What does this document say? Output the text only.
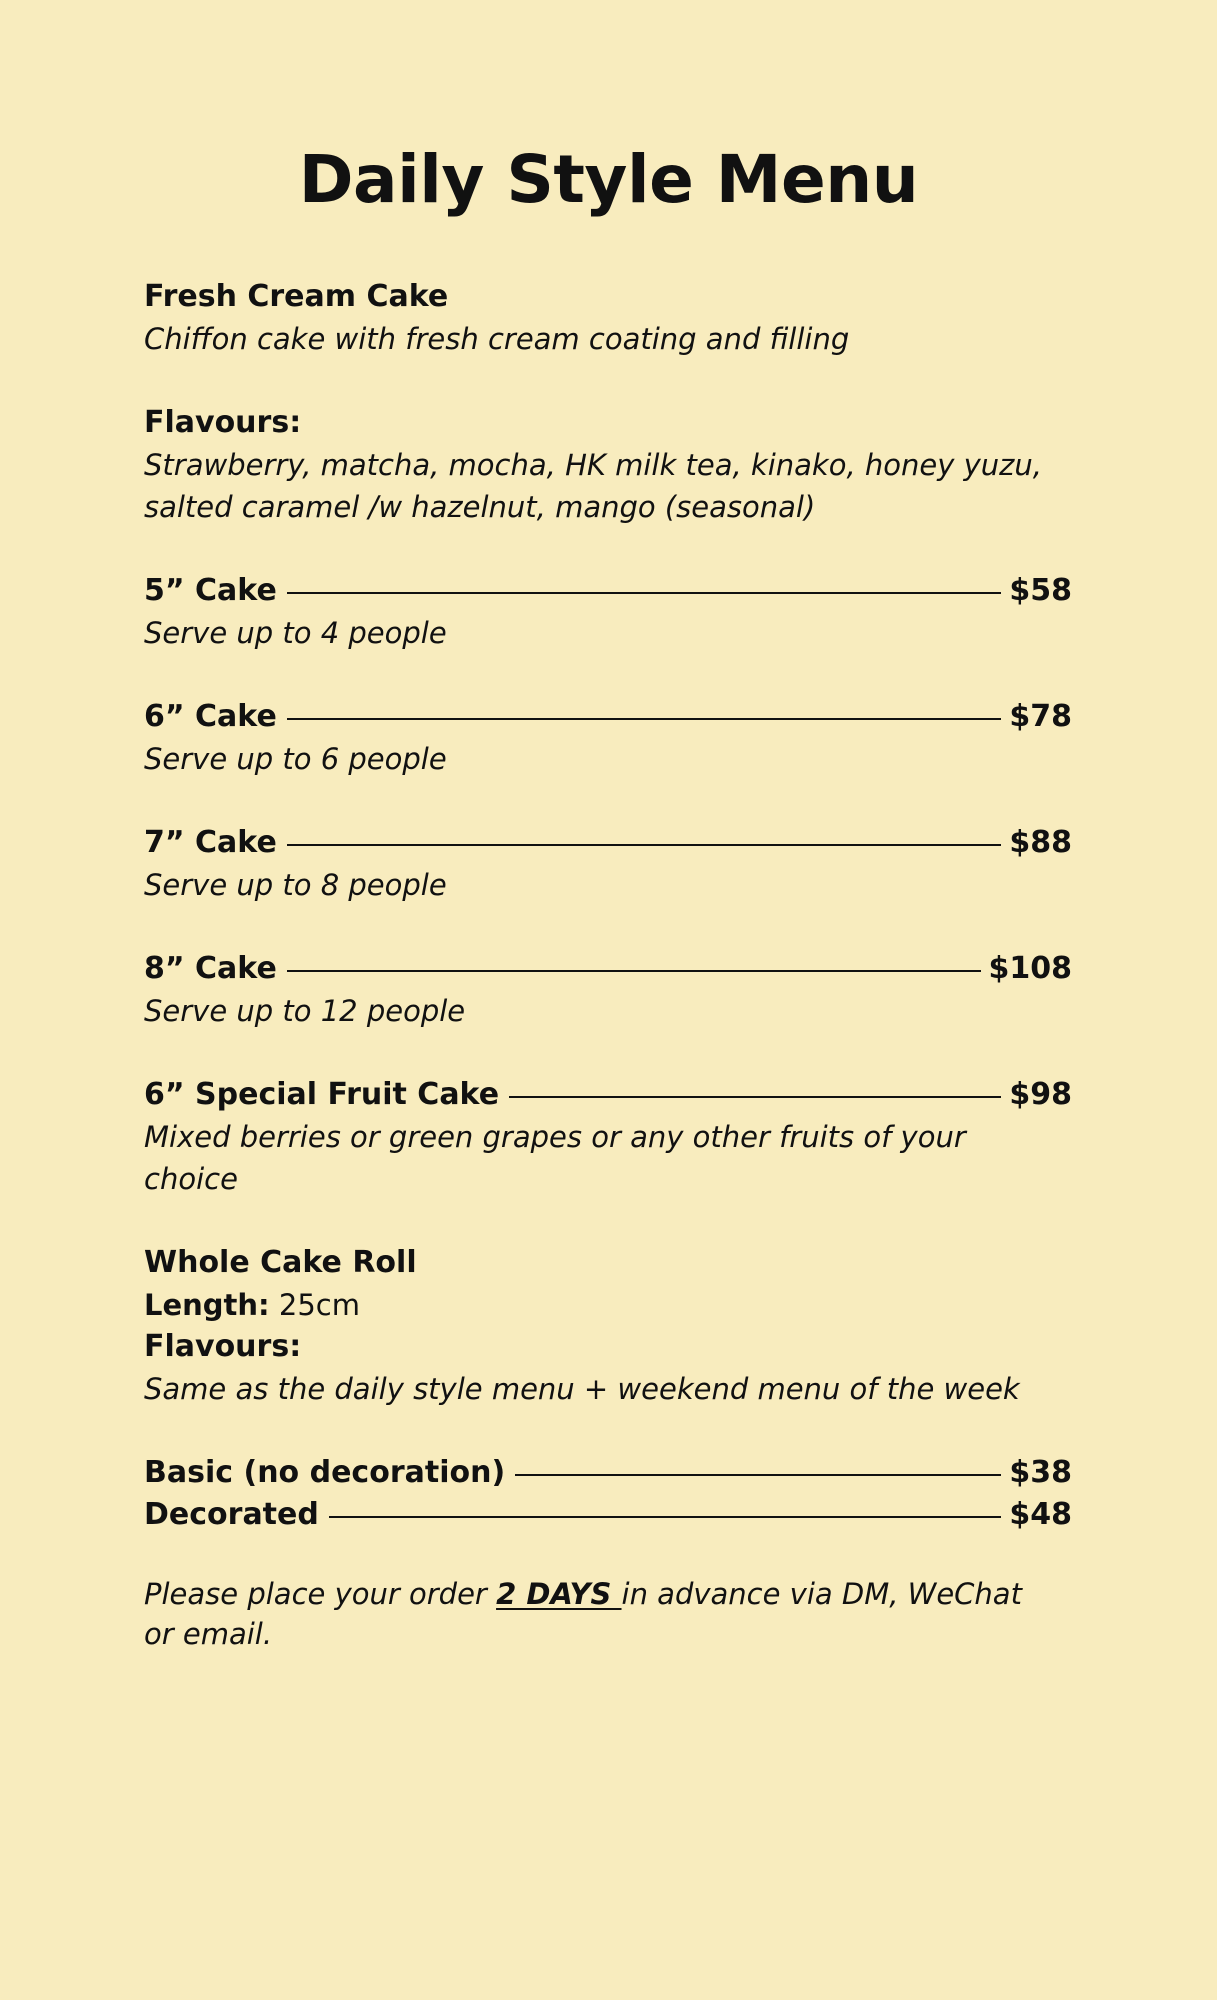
Daily Style Menu
Fresh Cream Cake
Chiffon cake with fresh cream coating and filling
Flavours:
Strawberry, matcha, mocha, HK milk tea, kinako, honey yuzu,
salted caramel /w hazelnut, mango (seasonal)
5” Cake	$58
Serve up to 4 people
6” Cake	$78
Serve up to 6 people
7” Cake	$88
Serve up to 8 people
8” Cake	$108
Serve up to 12 people
6” Special Fruit Cake	$98
Mixed berries or green grapes or any other fruits of your choice
Whole Cake Roll
Length: 25cm
Flavours:
Same as the daily style menu + weekend menu of the week
Basic (no decoration)	$38
Decorated	$48
Please place your order 2 DAYS in advance via DM, WeChat or email.
